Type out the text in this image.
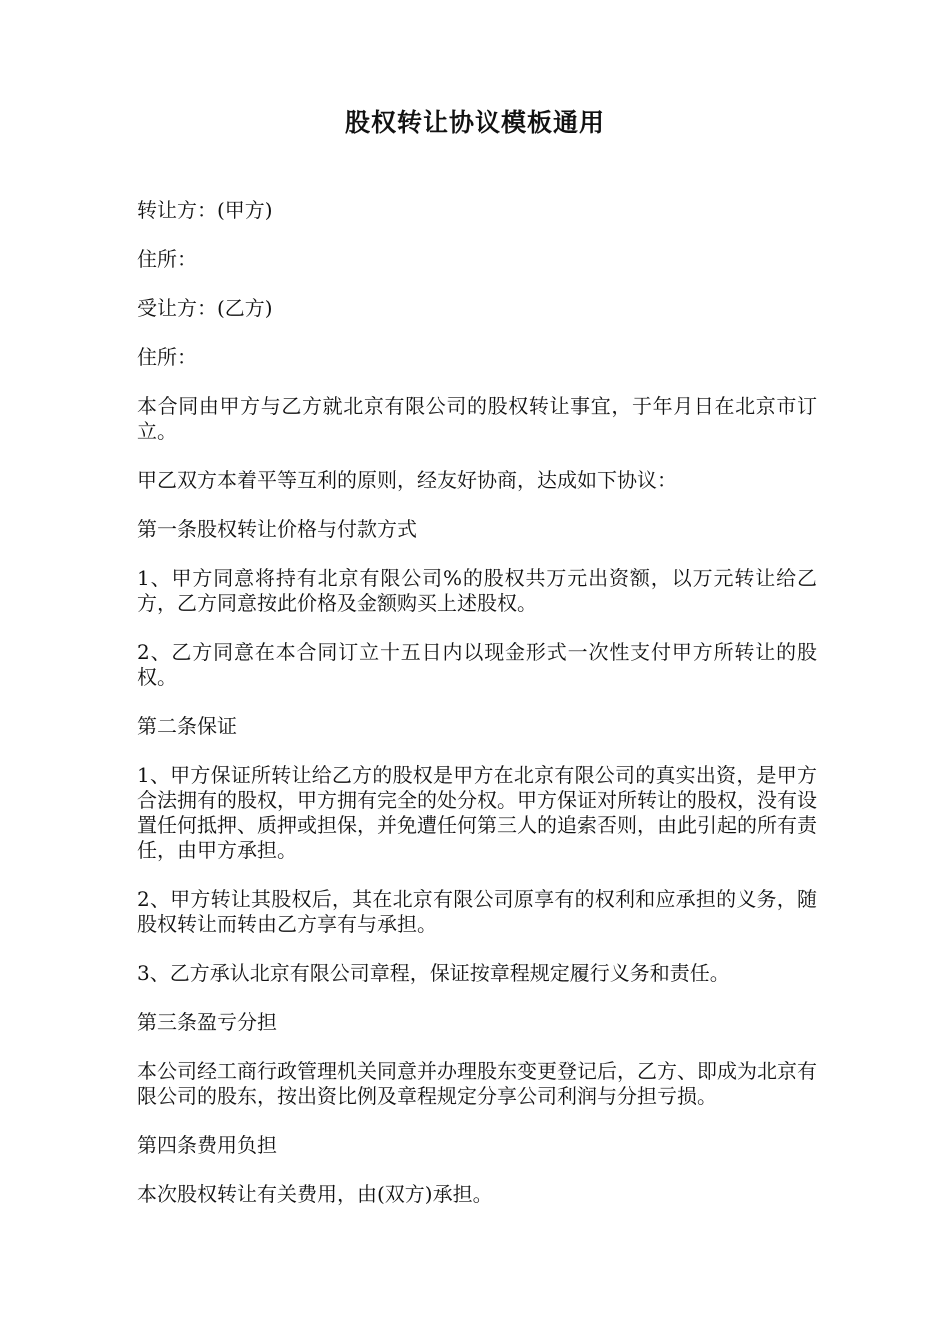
股权转让协议模板通用

转让方：(甲方)

住所：

受让方：(乙方)

住所：

本合同由甲方与乙方就北京有限公司的股权转让事宜，于年月日在北京市订立。

甲乙双方本着平等互利的原则，经友好协商，达成如下协议：

第一条股权转让价格与付款方式

1、甲方同意将持有北京有限公司%的股权共万元出资额，以万元转让给乙方，乙方同意按此价格及金额购买上述股权。

2、乙方同意在本合同订立十五日内以现金形式一次性支付甲方所转让的股权。

第二条保证

1、甲方保证所转让给乙方的股权是甲方在北京有限公司的真实出资，是甲方合法拥有的股权，甲方拥有完全的处分权。甲方保证对所转让的股权，没有设置任何抵押、质押或担保，并免遭任何第三人的追索否则，由此引起的所有责任，由甲方承担。

2、甲方转让其股权后，其在北京有限公司原享有的权利和应承担的义务，随股权转让而转由乙方享有与承担。

3、乙方承认北京有限公司章程，保证按章程规定履行义务和责任。

第三条盈亏分担

本公司经工商行政管理机关同意并办理股东变更登记后，乙方、即成为北京有限公司的股东，按出资比例及章程规定分享公司利润与分担亏损。

第四条费用负担

本次股权转让有关费用，由(双方)承担。
